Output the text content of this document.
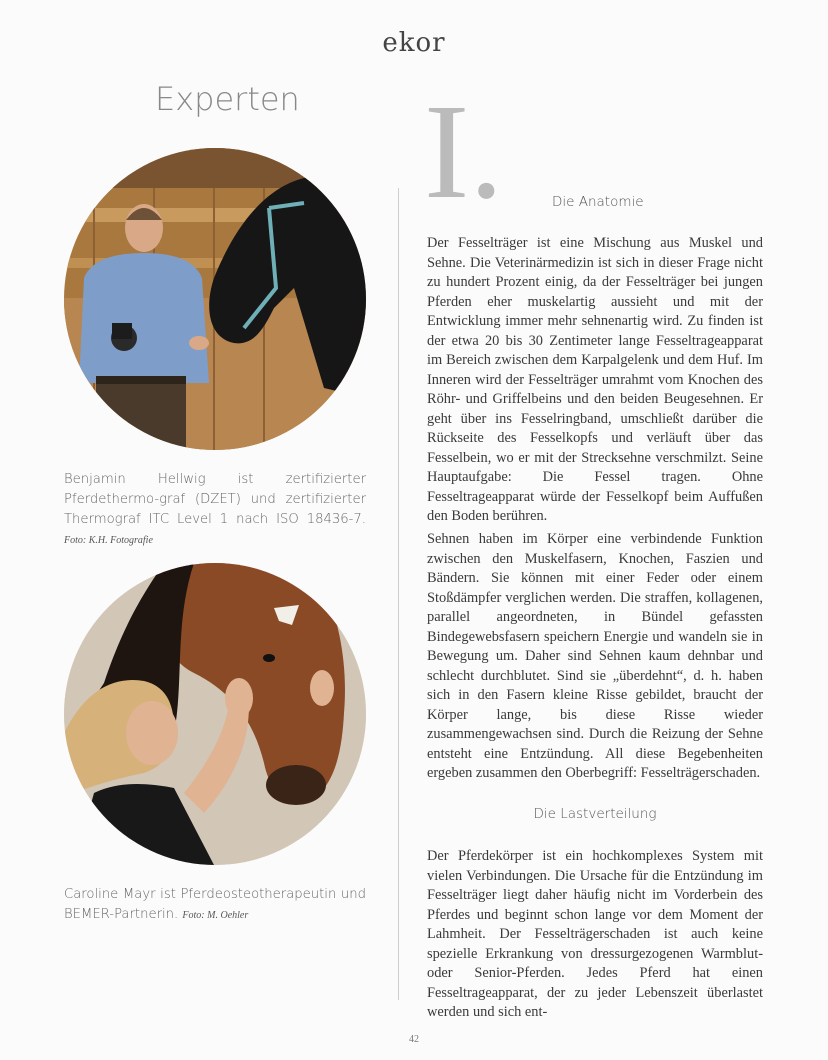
ekor
Experten
Benjamin Hellwig ist zertifizierter Pferdethermo-graf (DZET) und zertifizierter Thermograf ITC Level 1 nach ISO 18436-7. Foto: K.H. Fotografie
Caroline Mayr ist Pferdeosteotherapeutin und BEMER-Partnerin. Foto: M. Oehler
I.	Die Anatomie
Der Fesselträger ist eine Mischung aus Muskel und Sehne. Die Veterinärmedizin ist sich in dieser Frage nicht zu hundert Prozent einig, da der Fesselträger bei jungen Pferden eher muskelartig aussieht und mit der Entwicklung immer mehr sehnenartig wird. Zu finden ist der etwa 20 bis 30 Zentimeter lange Fesseltrageapparat im Bereich zwischen dem Karpalgelenk und dem Huf. Im Inneren wird der Fesselträger umrahmt vom Knochen des Röhr- und Griffelbeins und den beiden Beugesehnen. Er geht über ins Fesselringband, umschließt darüber die Rückseite des Fesselkopfs und verläuft über das Fesselbein, wo er mit der Strecksehne verschmilzt. Seine Hauptaufgabe: Die Fessel tragen. Ohne Fesseltrageapparat würde der Fesselkopf beim Auffußen den Boden berühren.
Sehnen haben im Körper eine verbindende Funktion zwischen den Muskelfasern, Knochen, Faszien und Bändern. Sie können mit einer Feder oder einem Stoßdämpfer verglichen werden. Die straffen, kollagenen, parallel angeordneten, in Bündel gefassten Bindegewebsfasern speichern Energie und wandeln sie in Bewegung um. Daher sind Sehnen kaum dehnbar und schlecht durchblutet. Sind sie „überdehnt“, d. h. haben sich in den Fasern kleine Risse gebildet, braucht der Körper lange, bis diese Risse wieder zusammengewachsen sind. Durch die Reizung der Sehne entsteht eine Entzündung. All diese Begebenheiten ergeben zusammen den Oberbegriff: Fesselträgerschaden.
Die Lastverteilung
Der Pferdekörper ist ein hochkomplexes System mit vielen Verbindungen. Die Ursache für die Entzündung im Fesselträger liegt daher häufig nicht im Vorderbein des Pferdes und beginnt schon lange vor dem Moment der Lahmheit. Der Fesselträgerschaden ist auch keine spezielle Erkrankung von dressurgezogenen Warmblut- oder Senior-Pferden. Jedes Pferd hat einen Fesseltrageapparat, der zu jeder Lebenszeit überlastet werden und sich ent-
42
